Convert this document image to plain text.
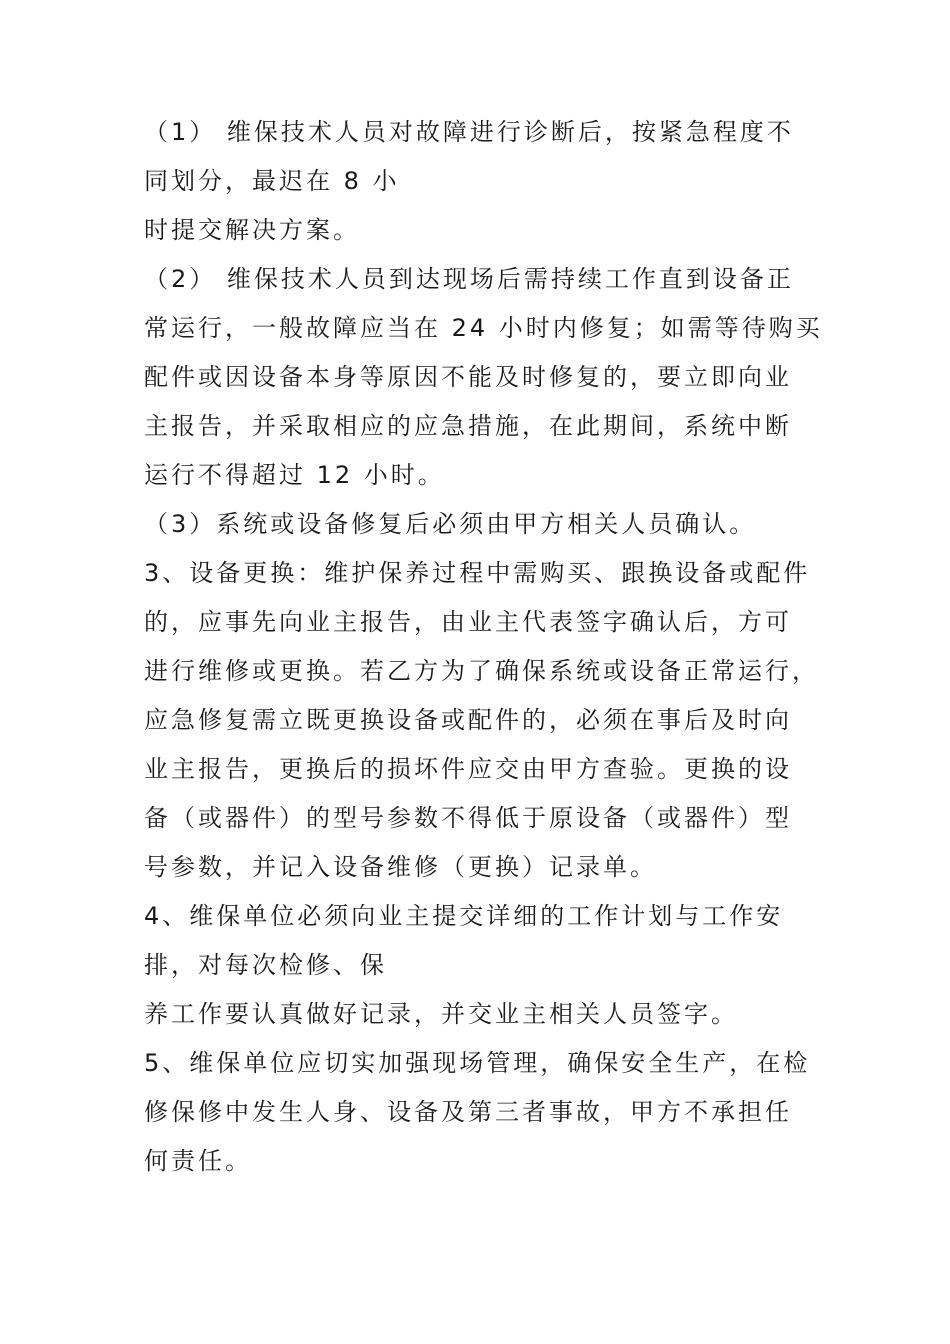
（1） 维保技术人员对故障进行诊断后，按紧急程度不
同划分，最迟在 8 小
时提交解决方案。
（2） 维保技术人员到达现场后需持续工作直到设备正
常运行，一般故障应当在 24 小时内修复；如需等待购买
配件或因设备本身等原因不能及时修复的，要立即向业
主报告，并采取相应的应急措施，在此期间，系统中断
运行不得超过 12 小时。
（3）系统或设备修复后必须由甲方相关人员确认。
3、设备更换：维护保养过程中需购买、跟换设备或配件
的，应事先向业主报告，由业主代表签字确认后，方可
进行维修或更换。若乙方为了确保系统或设备正常运行，
应急修复需立既更换设备或配件的，必须在事后及时向
业主报告，更换后的损坏件应交由甲方查验。更换的设
备（或器件）的型号参数不得低于原设备（或器件）型
号参数，并记入设备维修（更换）记录单。
4、维保单位必须向业主提交详细的工作计划与工作安
排，对每次检修、保
养工作要认真做好记录，并交业主相关人员签字。
5、维保单位应切实加强现场管理，确保安全生产，在检
修保修中发生人身、设备及第三者事故，甲方不承担任
何责任。
